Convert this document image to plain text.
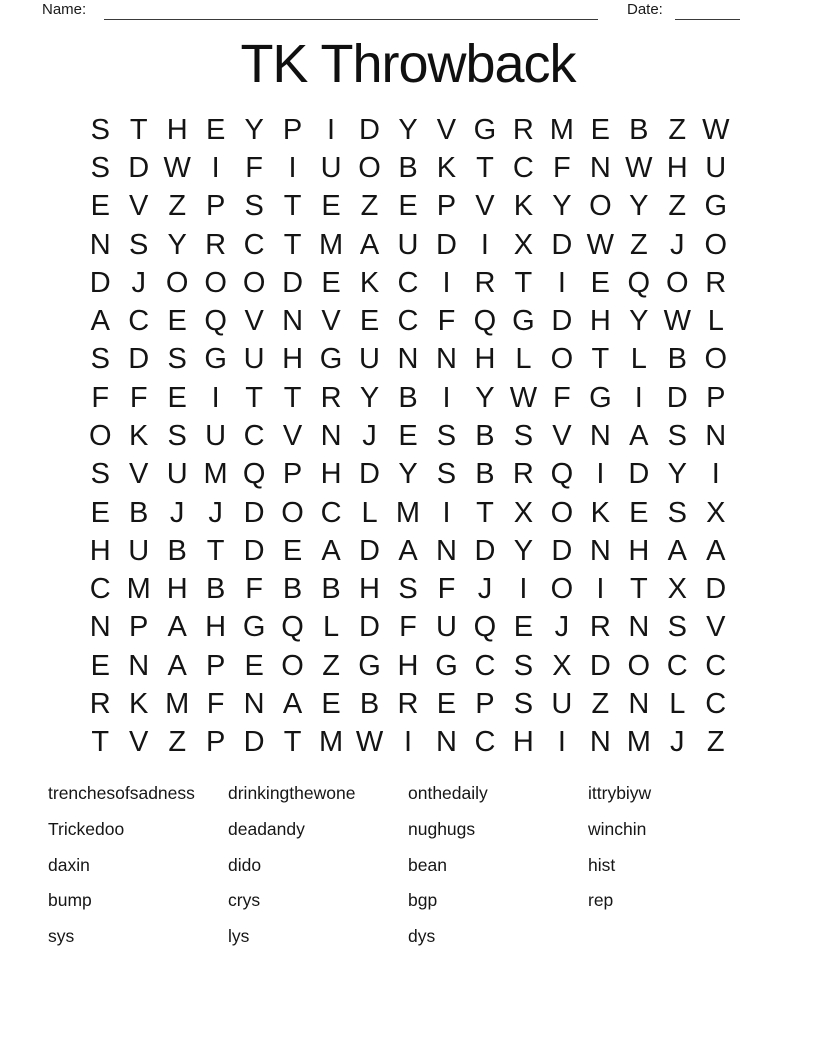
Name:	Date:
TK Throwback
S T H E Y P I D Y V G R M E B Z W
S D W I F I U O B K T C F N W H U
E V Z P S T E Z E P V K Y O Y Z G
N S Y R C T M A U D I X D W Z J O
D J O O O D E K C I R T I E Q O R
A C E Q V N V E C F Q G D H Y W L
S D S G U H G U N N H L O T L B O
F F E I T T R Y B I Y W F G I D P
O K S U C V N J E S B S V N A S N
S V U M Q P H D Y S B R Q I D Y I
E B J J D O C L M I T X O K E S X
H U B T D E A D A N D Y D N H A A
C M H B F B B H S F J I O I T X D
N P A H G Q L D F U Q E J R N S V
E N A P E O Z G H G C S X D O C C
R K M F N A E B R E P S U Z N L C
T V Z P D T M W I N C H I N M J Z
trenchesofsadness
Trickedoo
daxin
bump
sys
drinkingthewone
deadandy
dido
crys
lys
onthedaily
nughugs
bean
bgp
dys
ittrybiyw
winchin
hist
rep
